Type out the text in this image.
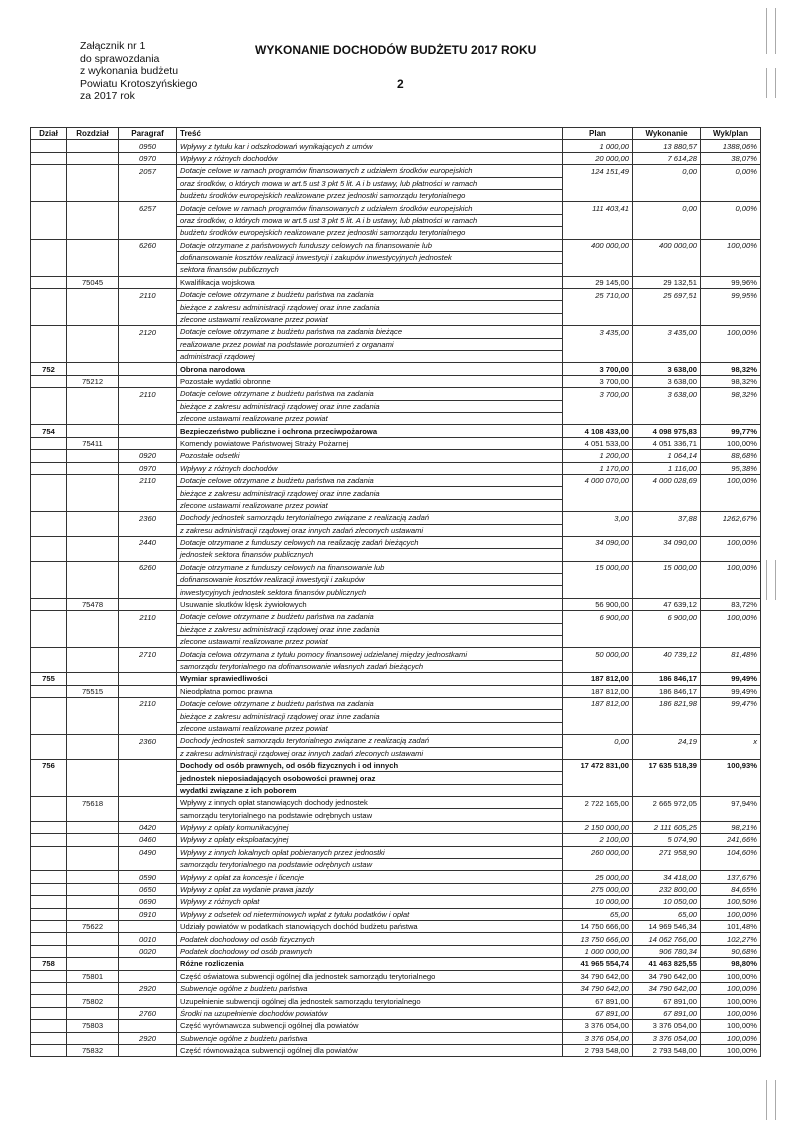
Załącznik nr 1
do sprawozdania
z wykonania budżetu
Powiatu Krotoszyńskiego
za 2017 rok
WYKONANIE DOCHODÓW BUDŻETU 2017 ROKU
2
Dział	Rozdział	Paragraf	Treść	Plan	Wykonanie	Wyk/plan
		0950	Wpływy z tytułu kar i odszkodowań wynikających z umów	1 000,00	13 880,57	1388,06%
		0970	Wpływy z różnych dochodów	20 000,00	7 614,28	38,07%
		2057	Dotacje celowe w ramach programów finansowanych z udziałem środków europejskich	124 151,49	0,00	0,00%
			oraz środków, o których mowa w art.5 ust 3 pkt 5 lit. A i b ustawy, lub płatności w ramach			
			budżetu środków europejskich realizowane przez jednostki samorządu terytorialnego			
		6257	Dotacje celowe w ramach programów finansowanych z udziałem środków europejskich	111 403,41	0,00	0,00%
			oraz środków, o których mowa w art.5 ust 3 pkt 5 lit. A i b ustawy, lub płatności w ramach			
			budżetu środków europejskich realizowane przez jednostki samorządu terytorialnego			
		6260	Dotacje otrzymane z państwowych funduszy celowych na finansowanie lub	400 000,00	400 000,00	100,00%
			dofinansowanie kosztów realizacji inwestycji i zakupów inwestycyjnych jednostek			
			sektora finansów publicznych			
	75045		Kwalifikacja wojskowa	29 145,00	29 132,51	99,96%
		2110	Dotacje celowe otrzymane z budżetu państwa na zadania	25 710,00	25 697,51	99,95%
			bieżące z zakresu administracji rządowej oraz inne zadania			
			zlecone ustawami realizowane przez powiat			
		2120	Dotacje celowe otrzymane z budżetu państwa na zadania bieżące	3 435,00	3 435,00	100,00%
			realizowane przez powiat na podstawie porozumień z organami			
			administracji rządowej			
752			Obrona narodowa	3 700,00	3 638,00	98,32%
	75212		Pozostałe wydatki obronne	3 700,00	3 638,00	98,32%
		2110	Dotacje celowe otrzymane z budżetu państwa na zadania	3 700,00	3 638,00	98,32%
			bieżące z zakresu administracji rządowej oraz inne zadania			
			zlecone ustawami realizowane przez powiat			
754			Bezpieczeństwo publiczne i ochrona przeciwpożarowa	4 108 433,00	4 098 975,83	99,77%
	75411		Komendy powiatowe Państwowej Straży Pożarnej	4 051 533,00	4 051 336,71	100,00%
		0920	Pozostałe odsetki	1 200,00	1 064,14	88,68%
		0970	Wpływy z różnych dochodów	1 170,00	1 116,00	95,38%
		2110	Dotacje celowe otrzymane z budżetu państwa na zadania	4 000 070,00	4 000 028,69	100,00%
			bieżące z zakresu administracji rządowej oraz inne zadania			
			zlecone ustawami realizowane przez powiat			
		2360	Dochody jednostek samorządu terytorialnego związane z realizacją zadań	3,00	37,88	1262,67%
			z zakresu administracji rządowej oraz innych zadań zleconych ustawami			
		2440	Dotacje otrzymane z funduszy celowych na realizację zadań bieżących	34 090,00	34 090,00	100,00%
			jednostek sektora finansów publicznych			
		6260	Dotacje otrzymane z funduszy celowych na finansowanie lub	15 000,00	15 000,00	100,00%
			dofinansowanie kosztów realizacji inwestycji i zakupów			
			inwestycyjnych jednostek sektora finansów publicznych			
	75478		Usuwanie skutków klęsk żywiołowych	56 900,00	47 639,12	83,72%
		2110	Dotacje celowe otrzymane z budżetu państwa na zadania	6 900,00	6 900,00	100,00%
			bieżące z zakresu administracji rządowej oraz inne zadania			
			zlecone ustawami realizowane przez powiat			
		2710	Dotacja celowa otrzymana z tytułu pomocy finansowej udzielanej między jednostkami	50 000,00	40 739,12	81,48%
			samorządu terytorialnego na dofinansowanie własnych zadań bieżących			
755			Wymiar sprawiedliwości	187 812,00	186 846,17	99,49%
	75515		Nieodpłatna pomoc prawna	187 812,00	186 846,17	99,49%
		2110	Dotacje celowe otrzymane z budżetu państwa na zadania	187 812,00	186 821,98	99,47%
			bieżące z zakresu administracji rządowej oraz inne zadania			
			zlecone ustawami realizowane przez powiat			
		2360	Dochody jednostek samorządu terytorialnego związane z realizacją zadań	0,00	24,19	x
			z zakresu administracji rządowej oraz innych zadań zleconych ustawami			
756			Dochody od osób prawnych, od osób fizycznych i od innych	17 472 831,00	17 635 518,39	100,93%
			jednostek nieposiadających osobowości prawnej oraz			
			wydatki związane z ich poborem			
	75618		Wpływy z innych opłat stanowiących dochody jednostek	2 722 165,00	2 665 972,05	97,94%
			samorządu terytorialnego na podstawie odrębnych ustaw			
		0420	Wpływy z opłaty komunikacyjnej	2 150 000,00	2 111 605,25	98,21%
		0460	Wpływy z opłaty eksploatacyjnej	2 100,00	5 074,90	241,66%
		0490	Wpływy z innych lokalnych opłat pobieranych przez jednostki	260 000,00	271 958,90	104,60%
			samorządu terytorialnego na podstawie odrębnych ustaw			
		0590	Wpływy z opłat za koncesje i licencje	25 000,00	34 418,00	137,67%
		0650	Wpływy z opłat za wydanie prawa jazdy	275 000,00	232 800,00	84,65%
		0690	Wpływy z różnych opłat	10 000,00	10 050,00	100,50%
		0910	Wpływy z odsetek od nieterminowych wpłat z tytułu podatków i opłat	65,00	65,00	100,00%
	75622		Udziały powiatów w podatkach stanowiących dochód budżetu państwa	14 750 666,00	14 969 546,34	101,48%
		0010	Podatek dochodowy od osób fizycznych	13 750 666,00	14 062 766,00	102,27%
		0020	Podatek dochodowy od osób prawnych	1 000 000,00	906 780,34	90,68%
758			Różne rozliczenia	41 965 554,74	41 463 825,55	98,80%
	75801		Część oświatowa subwencji ogólnej dla jednostek samorządu terytorialnego	34 790 642,00	34 790 642,00	100,00%
		2920	Subwencje ogólne z budżetu państwa	34 790 642,00	34 790 642,00	100,00%
	75802		Uzupełnienie subwencji ogólnej dla jednostek samorządu terytorialnego	67 891,00	67 891,00	100,00%
		2760	Środki na uzupełnienie dochodów powiatów	67 891,00	67 891,00	100,00%
	75803		Część wyrównawcza subwencji ogólnej dla powiatów	3 376 054,00	3 376 054,00	100,00%
		2920	Subwencje ogólne z budżetu państwa	3 376 054,00	3 376 054,00	100,00%
	75832		Część równoważąca subwencji ogólnej dla powiatów	2 793 548,00	2 793 548,00	100,00%
